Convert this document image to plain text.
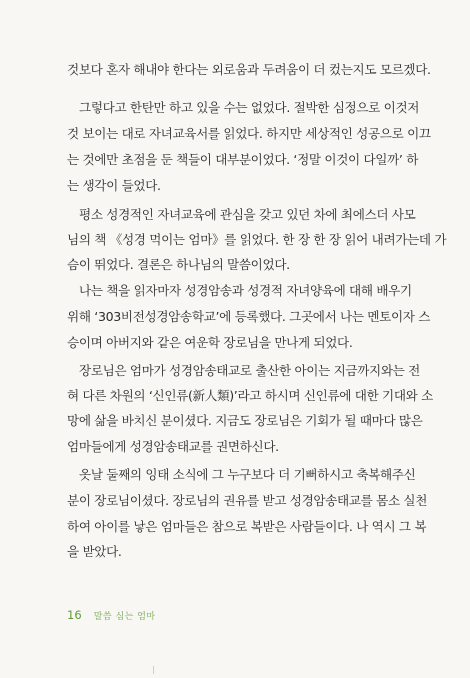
것보다 혼자 해내야 한다는 외로움과 두려움이 더 컸는지도 모르겠다.
그렇다고 한탄만 하고 있을 수는 없었다. 절박한 심정으로 이것저
것 보이는 대로 자녀교육서를 읽었다. 하지만 세상적인 성공으로 이끄
는 것에만 초점을 둔 책들이 대부분이었다. ‘정말 이것이 다일까’ 하
는 생각이 들었다.
평소 성경적인 자녀교육에 관심을 갖고 있던 차에 최에스더 사모
님의 책 《성경 먹이는 엄마》를 읽었다. 한 장 한 장 읽어 내려가는데 가
슴이 뛰었다. 결론은 하나님의 말씀이었다.
나는 책을 읽자마자 성경암송과 성경적 자녀양육에 대해 배우기
위해 ‘303비전성경암송학교’에 등록했다. 그곳에서 나는 멘토이자 스
승이며 아버지와 같은 여운학 장로님을 만나게 되었다.
장로님은 엄마가 성경암송태교로 출산한 아이는 지금까지와는 전
혀 다른 차원의 ‘신인류(新人類)’라고 하시며 신인류에 대한 기대와 소
망에 삶을 바치신 분이셨다. 지금도 장로님은 기회가 될 때마다 많은
엄마들에게 성경암송태교를 권면하신다.
옷날 둘째의 잉태 소식에 그 누구보다 더 기뻐하시고 축복해주신
분이 장로님이셨다. 장로님의 권유를 받고 성경암송태교를 몸소 실천
하여 아이를 낳은 엄마들은 참으로 복받은 사람들이다. 나 역시 그 복
을 받았다.
16 말씀 심는 엄마
